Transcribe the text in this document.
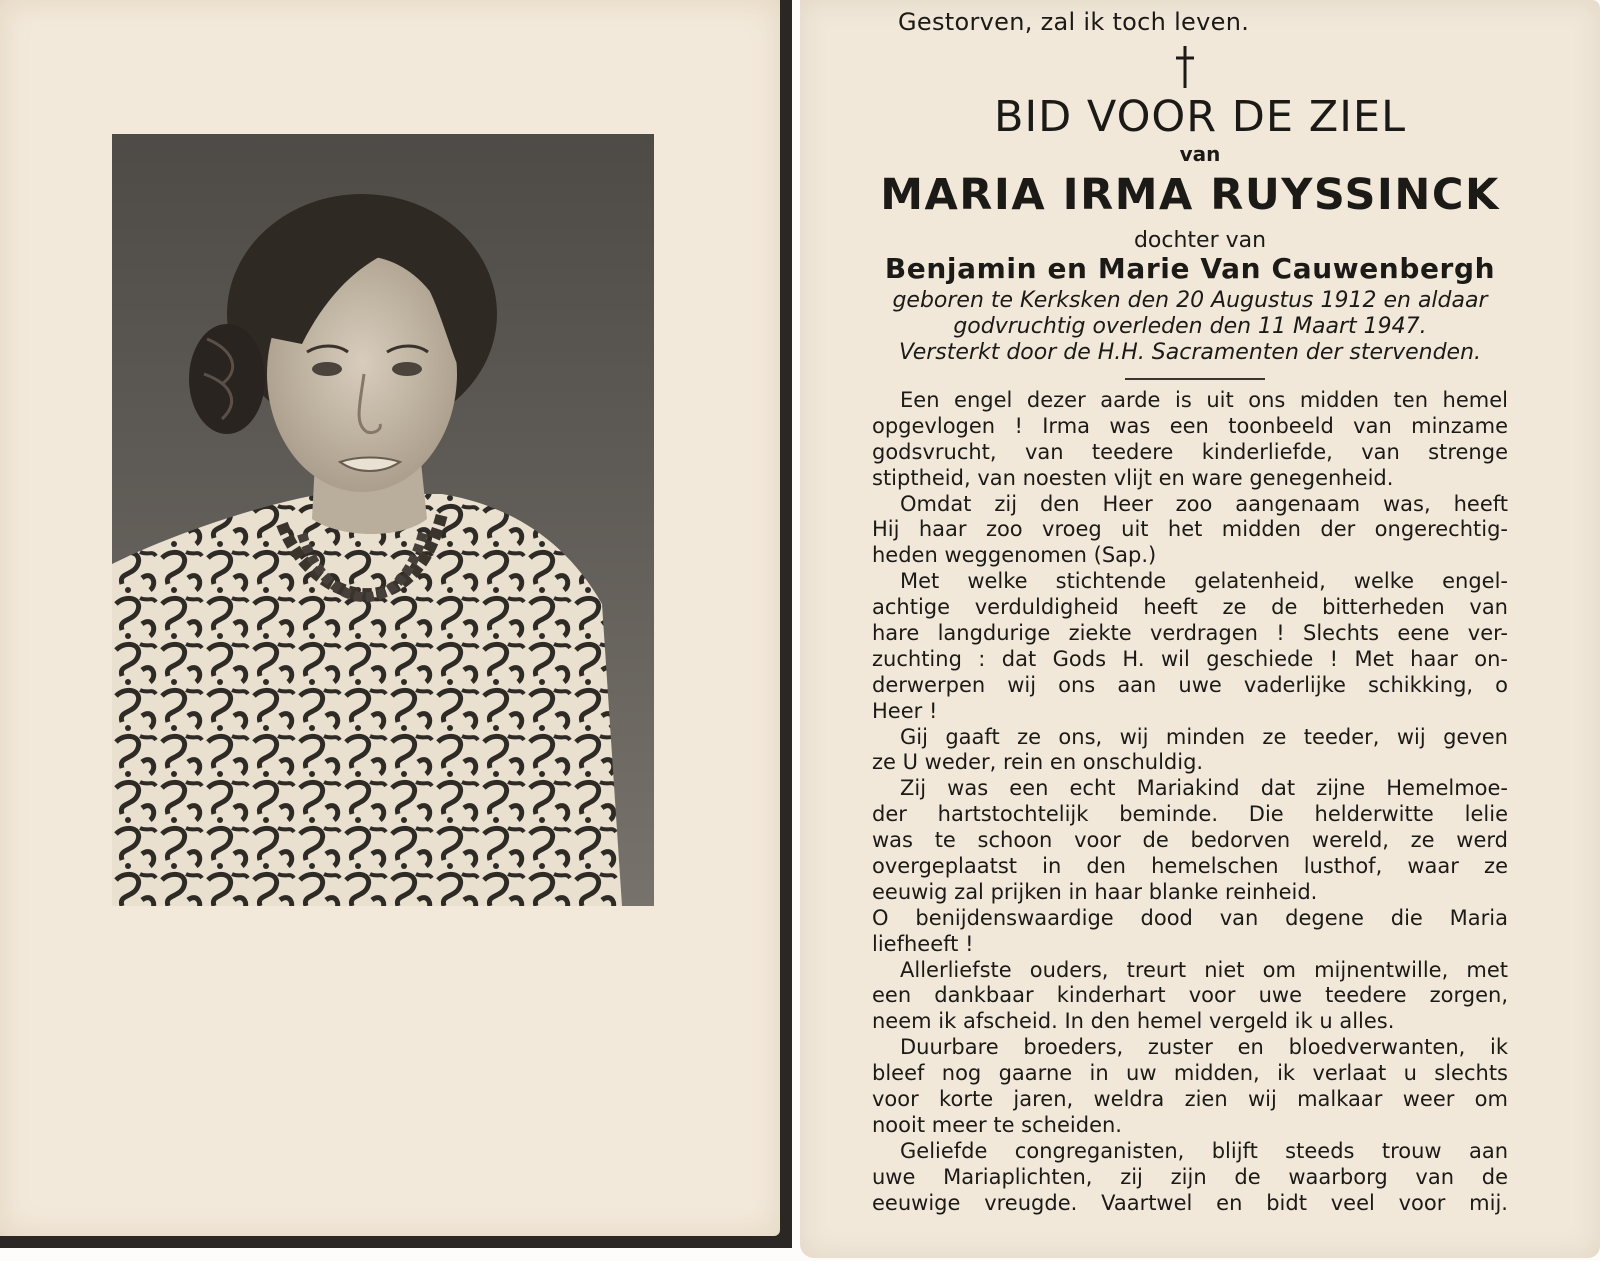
Gestorven, zal ik toch leven.
BID VOOR DE ZIEL
van
MARIA IRMA RUYSSINCK
dochter van
Benjamin en Marie Van Cauwenbergh
geboren te Kerksken den 20 Augustus 1912 en aldaar
godvruchtig overleden den 11 Maart 1947.
Versterkt door de H.H. Sacramenten der stervenden.
Een engel dezer aarde is uit ons midden ten hemel
opgevlogen ! Irma was een toonbeeld van minzame
godsvrucht, van teedere kinderliefde, van strenge
stiptheid, van noesten vlijt en ware genegenheid.
Omdat zij den Heer zoo aangenaam was, heeft
Hij haar zoo vroeg uit het midden der ongerechtig-
heden weggenomen (Sap.)
Met welke stichtende gelatenheid, welke engel-
achtige verduldigheid heeft ze de bitterheden van
hare langdurige ziekte verdragen ! Slechts eene ver-
zuchting : dat Gods H. wil geschiede ! Met haar on-
derwerpen wij ons aan uwe vaderlijke schikking, o
Heer !
Gij gaaft ze ons, wij minden ze teeder, wij geven
ze U weder, rein en onschuldig.
Zij was een echt Mariakind dat zijne Hemelmoe-
der hartstochtelijk beminde. Die helderwitte lelie
was te schoon voor de bedorven wereld, ze werd
overgeplaatst in den hemelschen lusthof, waar ze
eeuwig zal prijken in haar blanke reinheid.
O benijdenswaardige dood van degene die Maria
liefheeft !
Allerliefste ouders, treurt niet om mijnentwille, met
een dankbaar kinderhart voor uwe teedere zorgen,
neem ik afscheid. In den hemel vergeld ik u alles.
Duurbare broeders, zuster en bloedverwanten, ik
bleef nog gaarne in uw midden, ik verlaat u slechts
voor korte jaren, weldra zien wij malkaar weer om
nooit meer te scheiden.
Geliefde congreganisten, blijft steeds trouw aan
uwe Mariaplichten, zij zijn de waarborg van de
eeuwige vreugde. Vaartwel en bidt veel voor mij.
